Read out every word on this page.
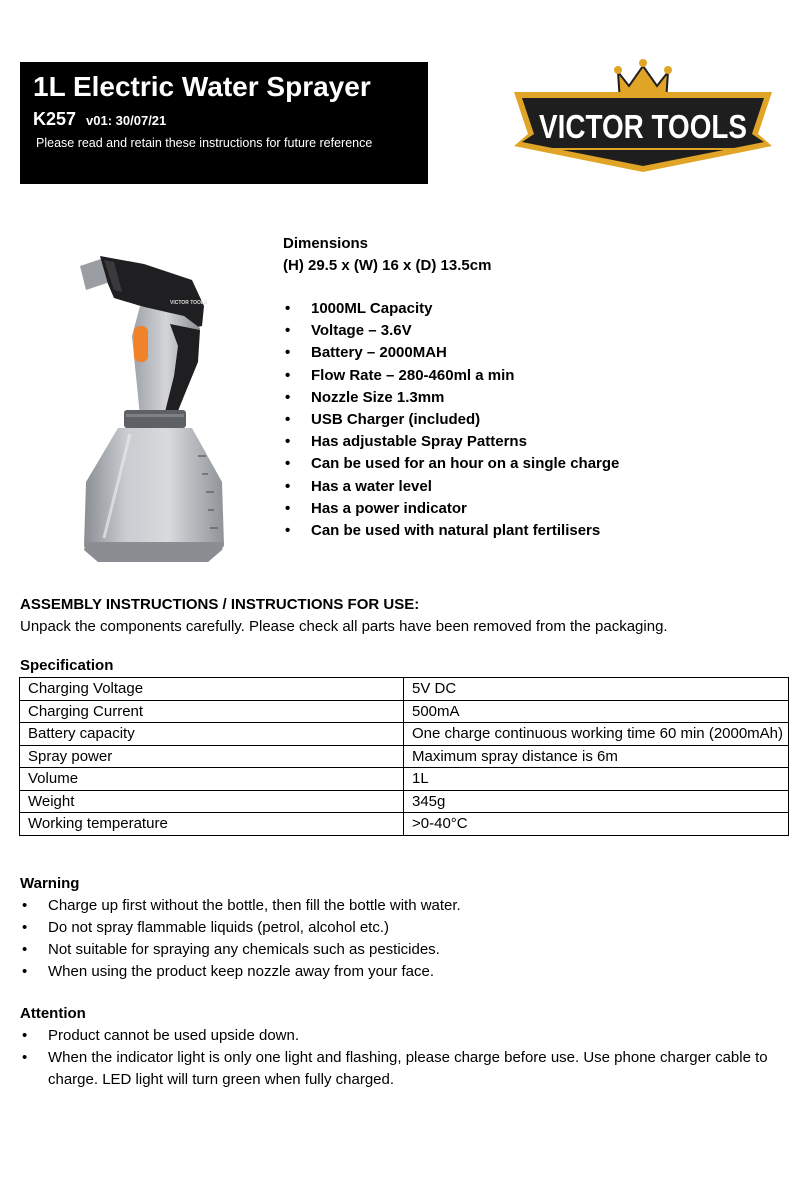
1L Electric Water Sprayer
K257 v01: 30/07/21
Please read and retain these instructions for future reference	VICTOR TOOLS
VICTOR TOOLS
Dimensions
(H) 29.5 x (W) 16 x (D) 13.5cm
• 1000ML Capacity
• Voltage – 3.6V
• Battery – 2000MAH
• Flow Rate – 280-460ml a min
• Nozzle Size 1.3mm
• USB Charger (included)
• Has adjustable Spray Patterns
• Can be used for an hour on a single charge
• Has a water level
• Has a power indicator
• Can be used with natural plant fertilisers
ASSEMBLY INSTRUCTIONS / INSTRUCTIONS FOR USE:
Unpack the components carefully. Please check all parts have been removed from the packaging.
Specification
Charging Voltage	5V DC
Charging Current	500mA
Battery capacity	One charge continuous working time 60 min (2000mAh)
Spray power	Maximum spray distance is 6m
Volume	1L
Weight	345g
Working temperature	>0-40°C
Warning
• Charge up first without the bottle, then fill the bottle with water.
• Do not spray flammable liquids (petrol, alcohol etc.)
• Not suitable for spraying any chemicals such as pesticides.
• When using the product keep nozzle away from your face.
Attention
• Product cannot be used upside down.
• When the indicator light is only one light and flashing, please charge before use. Use phone charger cable to charge. LED light will turn green when fully charged.
